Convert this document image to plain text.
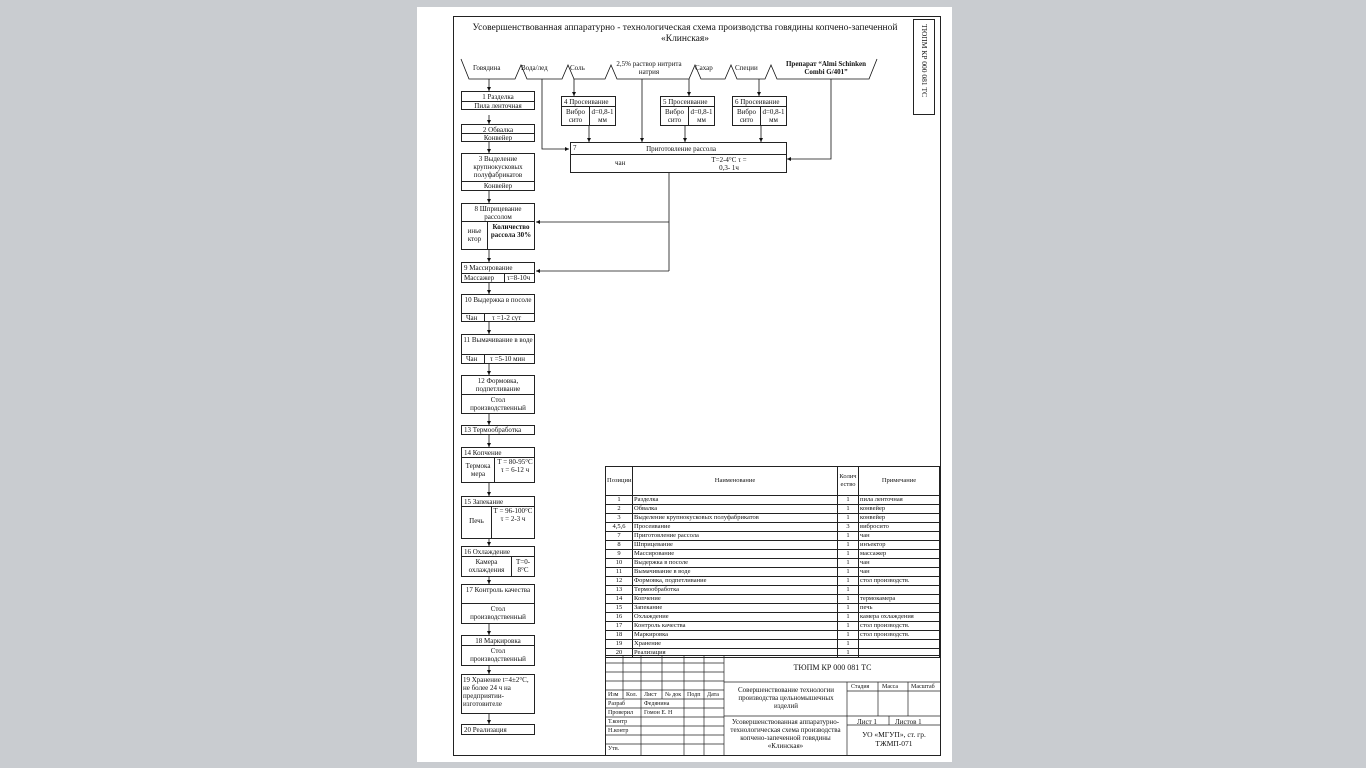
Усовершенствованная аппаратурно - технологическая схема производства говядины копчено-запеченной «Клинская»	ТЮПМ КР 000 081 ТС
Говядина	Вода/лед	Соль	2,5% раствор нитрита натрия	Сахар	Специи	Препарат “Almi Schinken Combi G/401”
4 Просеивание
Вибро сито
d=0,8-1 мм
5 Просеивание
Вибро сито
d=0,8-1 мм
6 Просеивание
Вибро сито
d=0,8-1 мм
7	Приготовление рассола
чан	T=2-4°C τ = 0,3- 1ч
1 Разделка
Пила ленточная
2 Обвалка
Конвейер
3 Выделение крупнокусковых полуфабрикатов
Конвейер
8 Шприцевание рассолом
инье ктор
Количество рассола 30%
9 Массирование
Массажер τ=8-10ч
10 Выдержка в посоле
Чан τ =1-2 сут
11 Вымачивание в воде
Чан τ =5-10 мин
12 Формовка, подпетливание
Стол производственный
13 Термообработка
14 Копчение
Термока мера
T = 80-95°C τ = 6-12 ч
15 Запекание
Печь
T = 96-100°C τ = 2-3 ч
16 Охлаждение
Камера охлаждения
T=0-8°C
17 Контроль качества
Стол производственный
18 Маркировка
Стол производственный
19 Хранение t=4±2°C, не более 24 ч на предприятии-изготовителе
20 Реализация
Позиции	Наименование	Количество	Примечание
1	Разделка	1	пила ленточная
2	Обвалка	1	конвейер
3	Выделение крупнокусковых полуфабрикатов	1	конвейер
4,5,6	Просеивание	3	вибросито
7	Приготовление рассола	1	чан
8	Шприцевание	1	инъектор
9	Массирование	1	массажер
10	Выдержка в посоле	1	чан
11	Вымачивание в воде	1	чан
12	Формовка, подпетливание	1	стол производств.
13	Термообработка	1	
14	Копчение	1	термокамера
15	Запекание	1	печь
16	Охлаждение	1	камера охлаждения
17	Контроль качества	1	стол производств.
18	Маркировка	1	стол производств.
19	Хранение	1	
20	Реализация	1	
Изм Кол. Лист № док Подп Дата
Разраб
Проверил
Т.контр
Н.контр
Утв.
Федянина
Гомон Е. Н
ТЮПМ КР 000 081 ТС
Совершенствование технологии производства цельномышечных изделий
Усовершенствованная аппаратурно-технологическая схема производства копчено-запеченной говядины «Клинская»
Стадия Масса Масштаб
Лист 1	Листов 1
УО «МГУП», ст. гр. ТЖМП-071
